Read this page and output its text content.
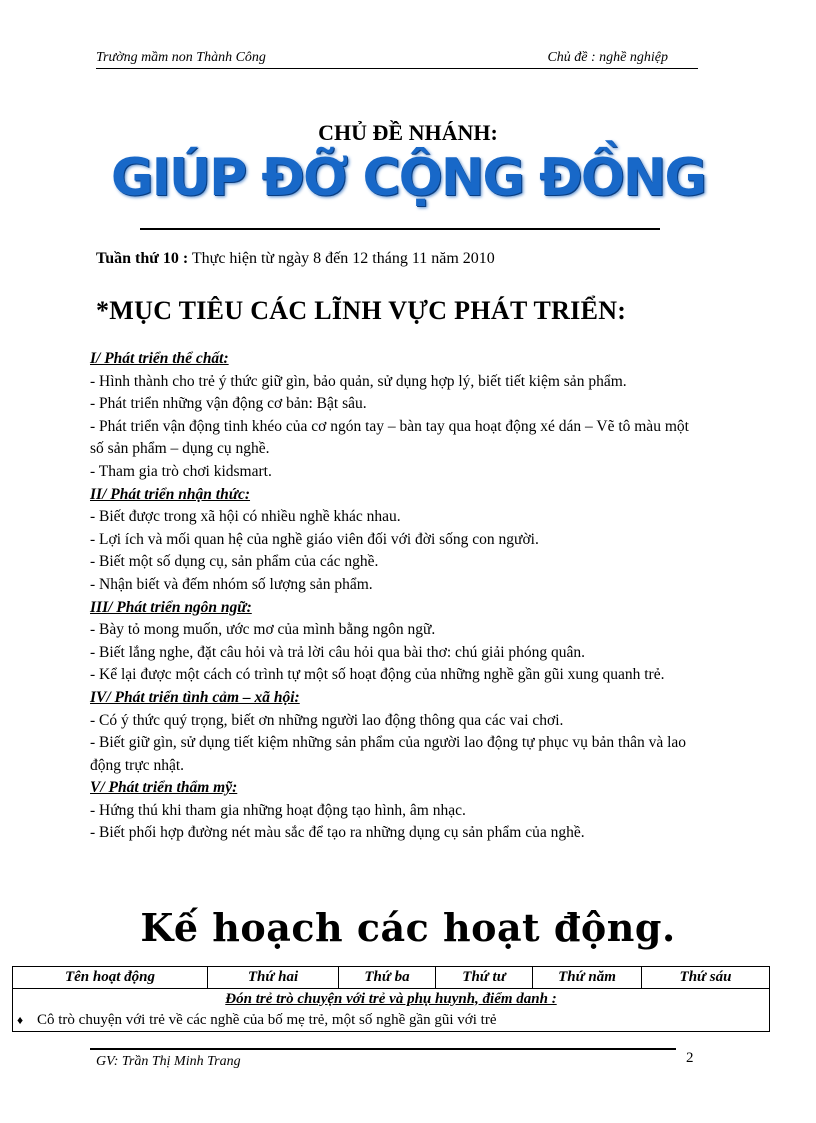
Trường mầm non Thành Công	Chủ đề : nghề nghiệp
CHỦ ĐỀ NHÁNH:
GIÚP ĐỠ CỘNG ĐỒNG
Tuần thứ 10 : Thực hiện từ ngày 8 đến 12 tháng 11 năm 2010
*MỤC TIÊU CÁC LĨNH VỰC PHÁT TRIỂN:

I/ Phát triển thể chất:

- Hình thành cho trẻ ý thức giữ gìn, bảo quản, sử dụng hợp lý, biết tiết kiệm sản phẩm.

- Phát triển những vận động cơ bản: Bật sâu.

- Phát triển vận động tinh khéo của cơ ngón tay – bàn tay qua hoạt động xé dán – Vẽ tô màu một số sản phẩm – dụng cụ nghề.

- Tham gia trò chơi kidsmart.

II/ Phát triển nhận thức:

- Biết được trong xã hội có nhiều nghề khác nhau.

- Lợi ích và mối quan hệ của nghề giáo viên đối với đời sống con người.

- Biết một số dụng cụ, sản phẩm của các nghề.

- Nhận biết và đếm nhóm số lượng sản phẩm.

III/ Phát triển ngôn ngữ:

- Bày tỏ mong muốn, ước mơ của mình bằng ngôn ngữ.

- Biết lắng nghe, đặt câu hỏi và trả lời câu hỏi qua bài thơ: chú giải phóng quân.

- Kể lại được một cách có trình tự một số hoạt động của những nghề gần gũi xung quanh trẻ.

IV/ Phát triển tình cảm – xã hội:

- Có ý thức quý trọng, biết ơn những người lao động thông qua các vai chơi.

- Biết giữ gìn, sử dụng tiết kiệm những sản phẩm của người lao động tự phục vụ bản thân và lao động trực nhật.

V/ Phát triển thẩm mỹ:

- Hứng thú khi tham gia những hoạt động tạo hình, âm nhạc.

- Biết phối hợp đường nét màu sắc để tạo ra những dụng cụ sản phẩm của nghề.

Kế hoạch các hoạt động.
Tên hoạt động	Thứ hai	Thứ ba	Thứ tư	Thứ năm	Thứ sáu
Đón trẻ trò chuyện với trẻ và phụ huynh, điểm danh :
♦ Cô trò chuyện với trẻ về các nghề của bố mẹ trẻ, một số nghề gần gũi với trẻ
GV: Trần Thị Minh Trang	2
